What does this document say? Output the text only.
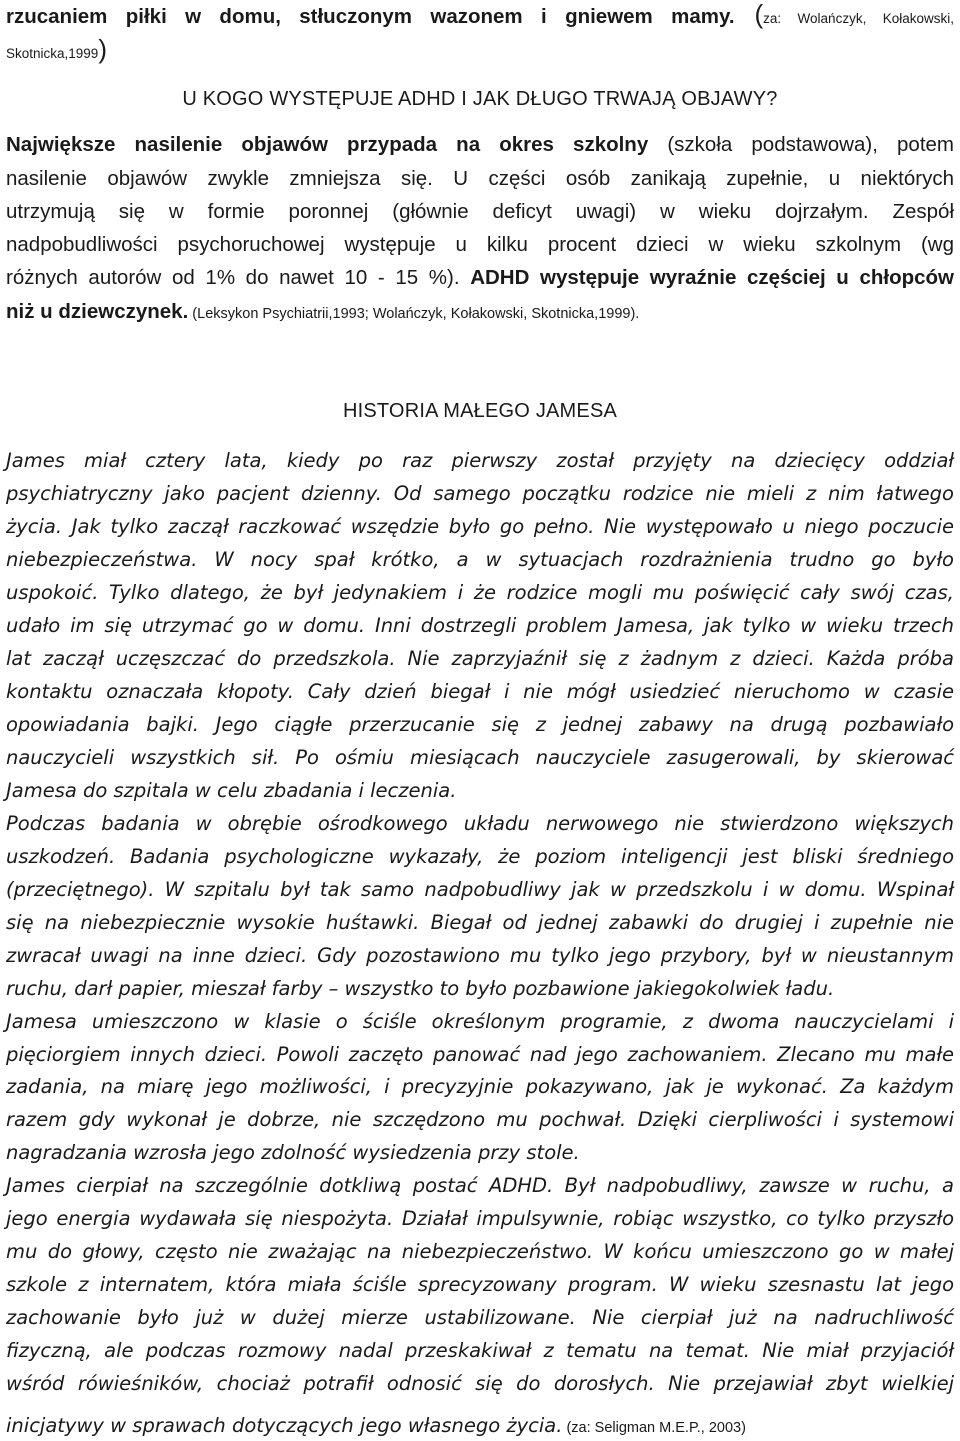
rzucaniem piłki w domu, stłuczonym wazonem i gniewem mamy. (za: Wolańczyk, Kołakowski,
Skotnicka,1999)
U KOGO WYSTĘPUJE ADHD I JAK DŁUGO TRWAJĄ OBJAWY?
Największe nasilenie objawów przypada na okres szkolny (szkoła podstawowa), potem
nasilenie objawów zwykle zmniejsza się. U części osób zanikają zupełnie, u niektórych
utrzymują się w formie poronnej (głównie deficyt uwagi) w wieku dojrzałym. Zespół
nadpobudliwości psychoruchowej występuje u kilku procent dzieci w wieku szkolnym (wg
różnych autorów od 1% do nawet 10 - 15 %). ADHD występuje wyraźnie częściej u chłopców
niż u dziewczynek. (Leksykon Psychiatrii,1993; Wolańczyk, Kołakowski, Skotnicka,1999).
HISTORIA MAŁEGO JAMESA
James miał cztery lata, kiedy po raz pierwszy został przyjęty na dziecięcy oddział
psychiatryczny jako pacjent dzienny. Od samego początku rodzice nie mieli z nim łatwego
życia. Jak tylko zaczął raczkować wszędzie było go pełno. Nie występowało u niego poczucie
niebezpieczeństwa. W nocy spał krótko, a w sytuacjach rozdrażnienia trudno go było
uspokoić. Tylko dlatego, że był jedynakiem i że rodzice mogli mu poświęcić cały swój czas,
udało im się utrzymać go w domu. Inni dostrzegli problem Jamesa, jak tylko w wieku trzech
lat zaczął uczęszczać do przedszkola. Nie zaprzyjaźnił się z żadnym z dzieci. Każda próba
kontaktu oznaczała kłopoty. Cały dzień biegał i nie mógł usiedzieć nieruchomo w czasie
opowiadania bajki. Jego ciągłe przerzucanie się z jednej zabawy na drugą pozbawiało
nauczycieli wszystkich sił. Po ośmiu miesiącach nauczyciele zasugerowali, by skierować
Jamesa do szpitala w celu zbadania i leczenia.
Podczas badania w obrębie ośrodkowego układu nerwowego nie stwierdzono większych
uszkodzeń. Badania psychologiczne wykazały, że poziom inteligencji jest bliski średniego
(przeciętnego). W szpitalu był tak samo nadpobudliwy jak w przedszkolu i w domu. Wspinał
się na niebezpiecznie wysokie huśtawki. Biegał od jednej zabawki do drugiej i zupełnie nie
zwracał uwagi na inne dzieci. Gdy pozostawiono mu tylko jego przybory, był w nieustannym
ruchu, darł papier, mieszał farby – wszystko to było pozbawione jakiegokolwiek ładu.
Jamesa umieszczono w klasie o ściśle określonym programie, z dwoma nauczycielami i
pięciorgiem innych dzieci. Powoli zaczęto panować nad jego zachowaniem. Zlecano mu małe
zadania, na miarę jego możliwości, i precyzyjnie pokazywano, jak je wykonać. Za każdym
razem gdy wykonał je dobrze, nie szczędzono mu pochwał. Dzięki cierpliwości i systemowi
nagradzania wzrosła jego zdolność wysiedzenia przy stole.
James cierpiał na szczególnie dotkliwą postać ADHD. Był nadpobudliwy, zawsze w ruchu, a
jego energia wydawała się niespożyta. Działał impulsywnie, robiąc wszystko, co tylko przyszło
mu do głowy, często nie zważając na niebezpieczeństwo. W końcu umieszczono go w małej
szkole z internatem, która miała ściśle sprecyzowany program. W wieku szesnastu lat jego
zachowanie było już w dużej mierze ustabilizowane. Nie cierpiał już na nadruchliwość
fizyczną, ale podczas rozmowy nadal przeskakiwał z tematu na temat. Nie miał przyjaciół
wśród rówieśników, chociaż potrafił odnosić się do dorosłych. Nie przejawiał zbyt wielkiej
inicjatywy w sprawach dotyczących jego własnego życia. (za: Seligman M.E.P., 2003)
